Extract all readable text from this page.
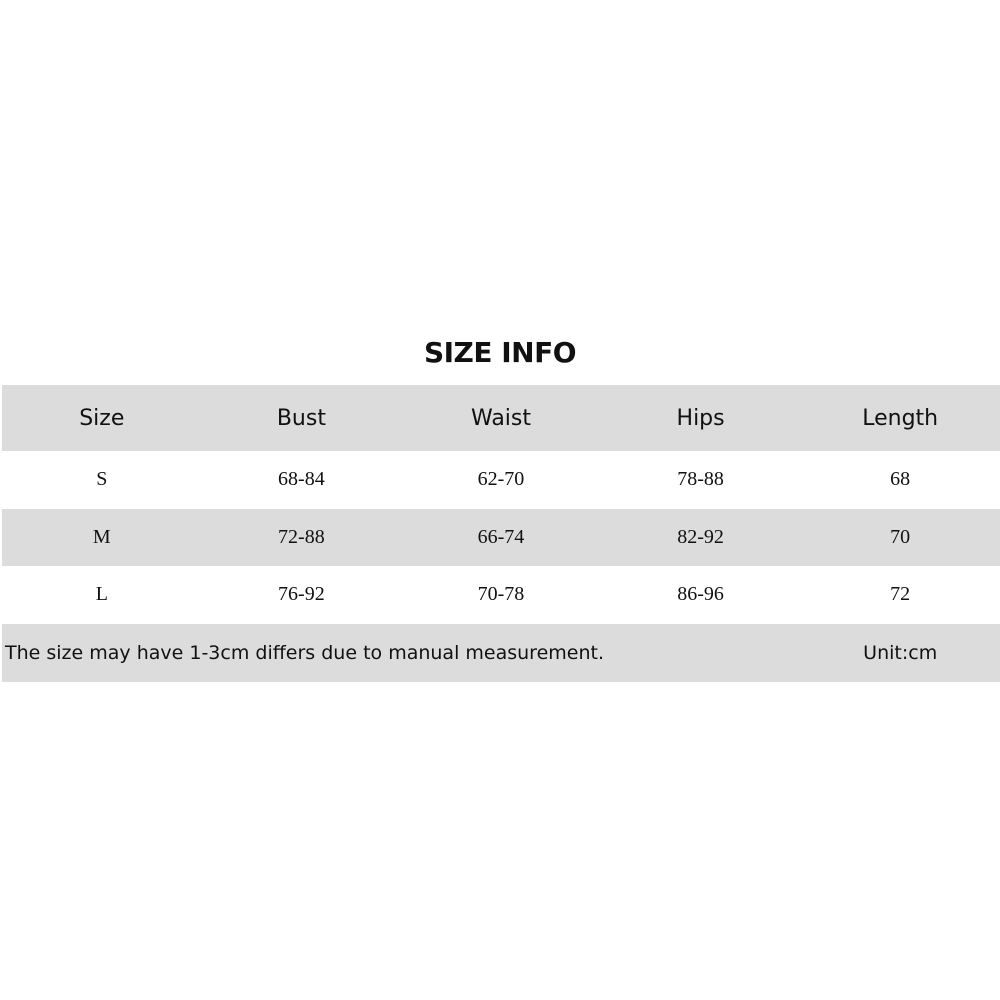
SIZE INFO
Size	Bust	Waist	Hips	Length
S	68-84	62-70	78-88	68
M	72-88	66-74	82-92	70
L	76-92	70-78	86-96	72
The size may have 1-3cm differs due to manual measurement.	Unit:cm
